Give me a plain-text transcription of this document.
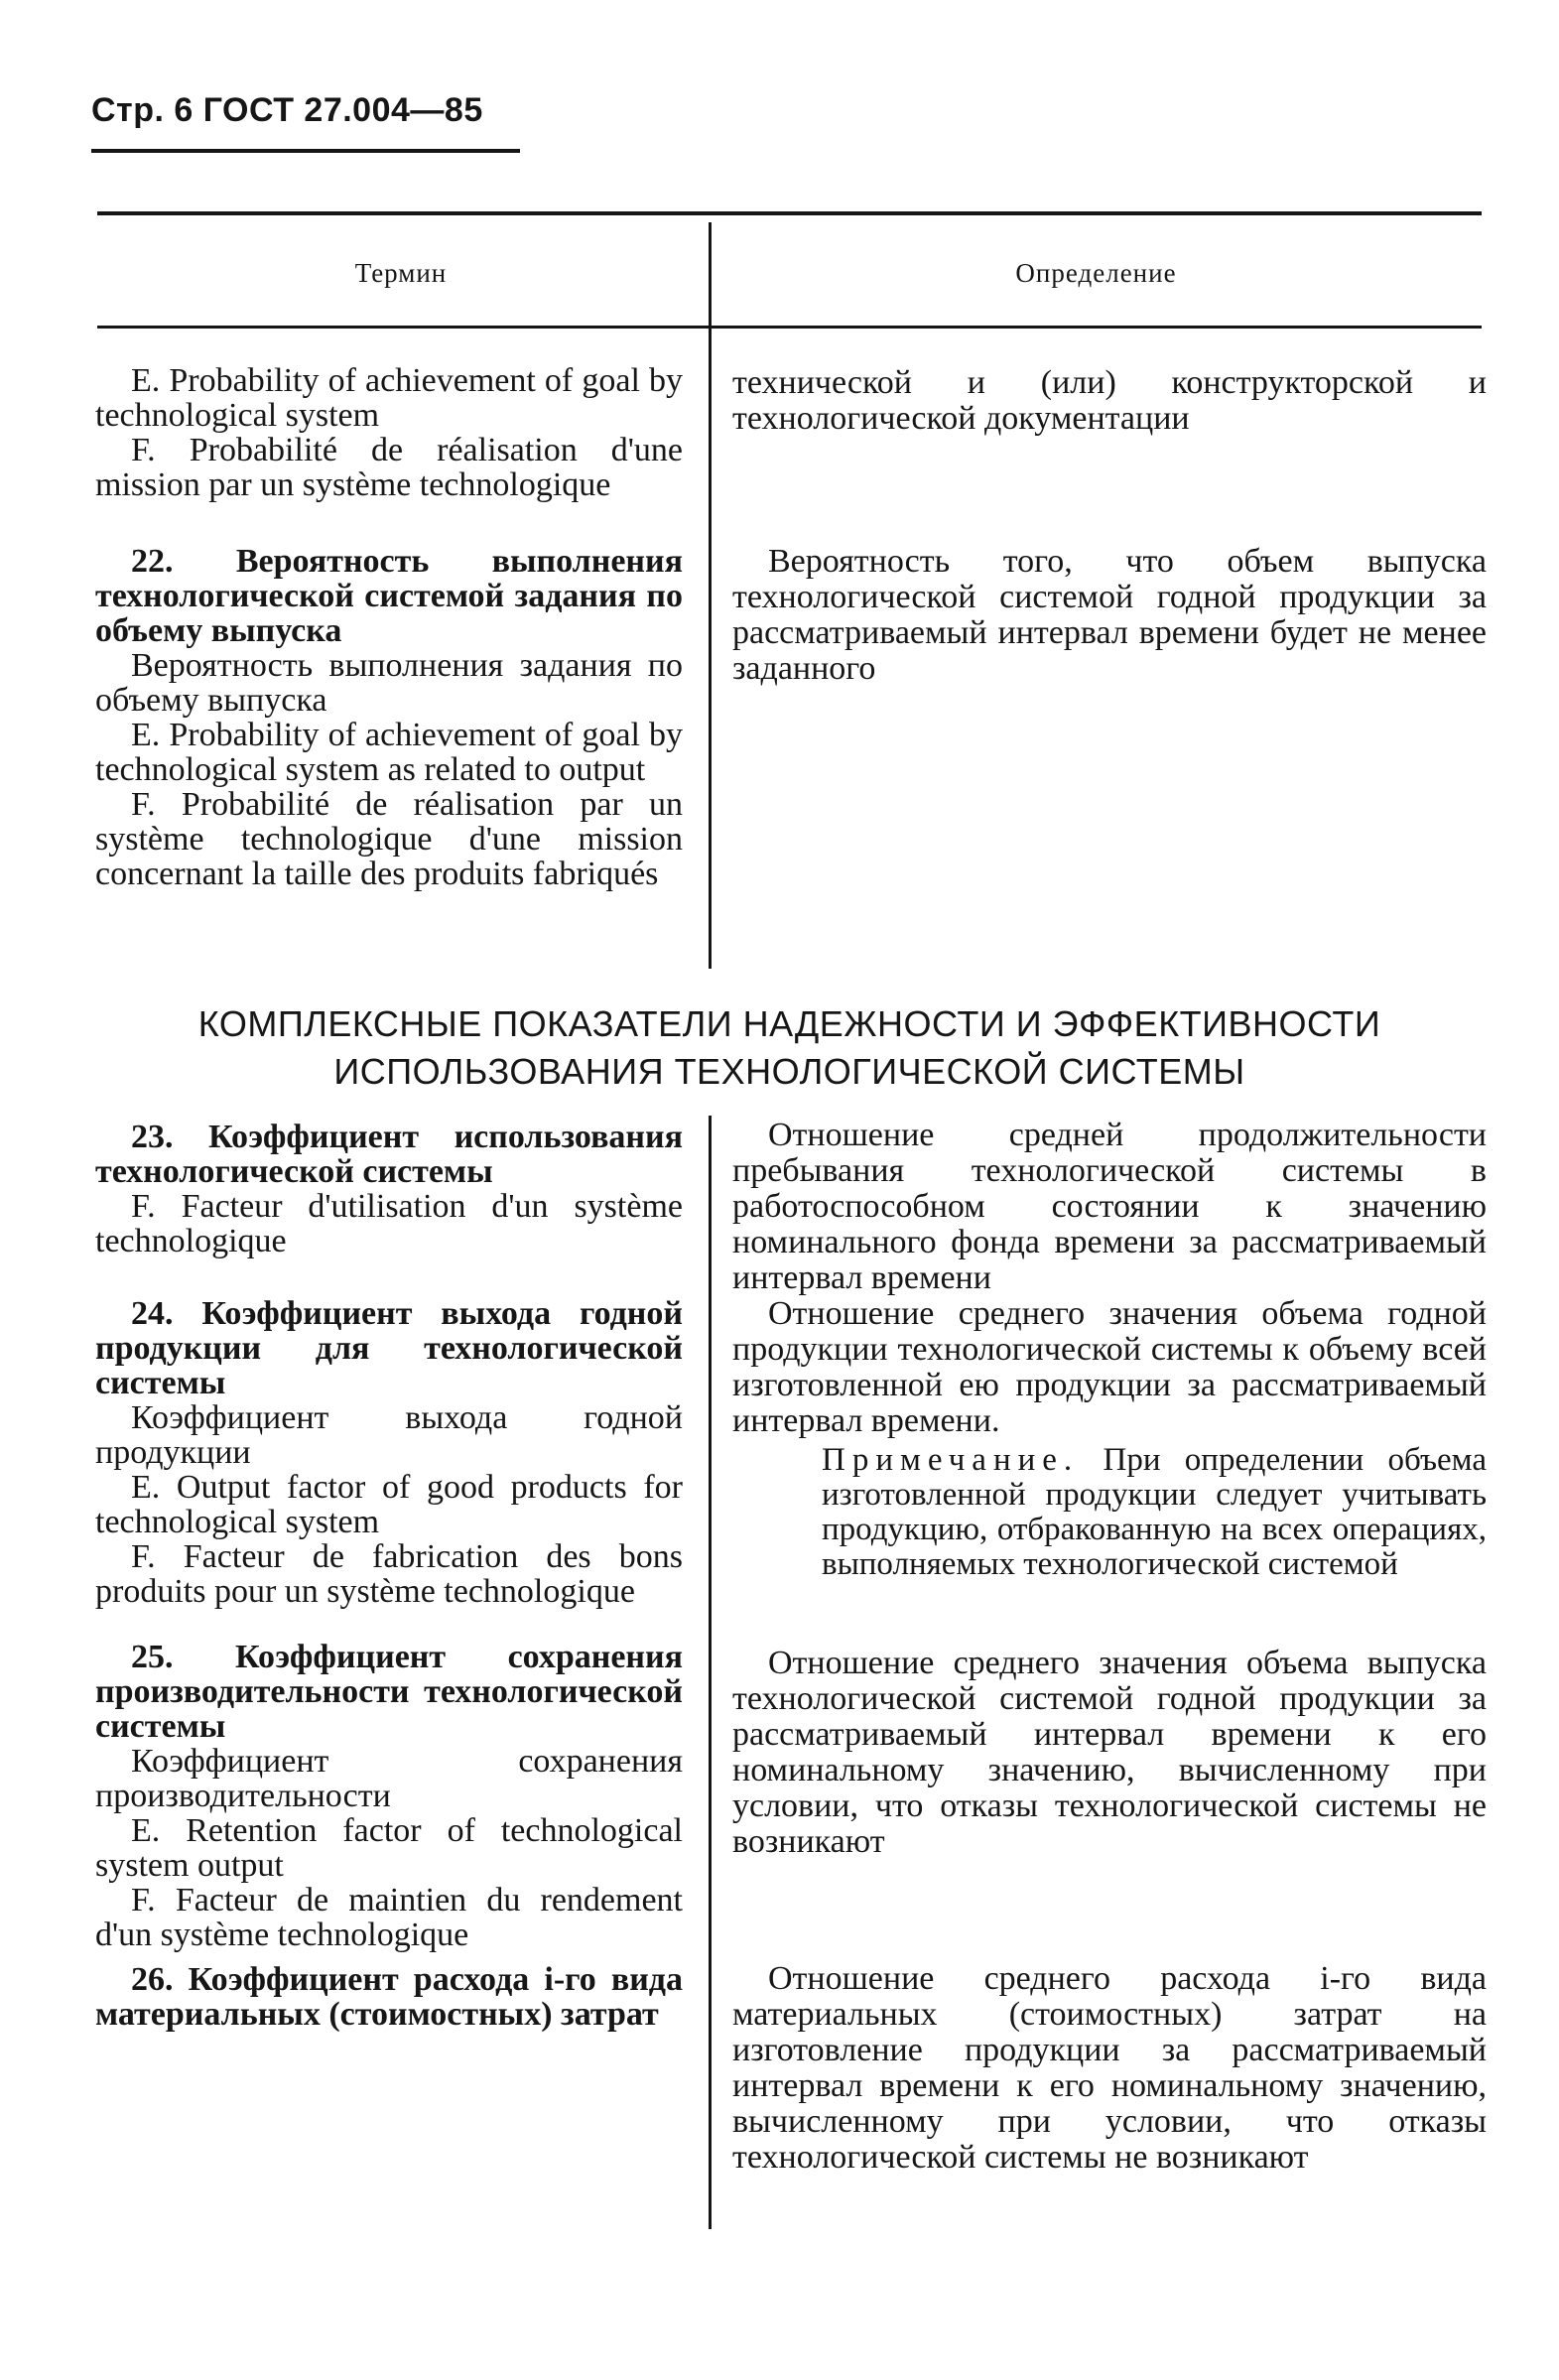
Стр. 6 ГОСТ 27.004—85
Термин	Определение

E. Probability of achievement of goal by technological system

F. Probabilité de réalisation d'une mission par un système technologique

технической и (или) конструкторской и технологической документации

22. Вероятность выполнения технологической системой задания по объему выпуска

Вероятность выполнения задания по объему выпуска

E. Probability of achievement of goal by technological system as related to output

F. Probabilité de réalisation par un système technologique d'une mission concernant la taille des produits fabriqués

Вероятность того, что объем выпуска технологической системой годной продукции за рассматриваемый интервал времени будет не менее заданного

КОМПЛЕКСНЫЕ ПОКАЗАТЕЛИ НАДЕЖНОСТИ И ЭФФЕКТИВНОСТИ
ИСПОЛЬЗОВАНИЯ ТЕХНОЛОГИЧЕСКОЙ СИСТЕМЫ

23. Коэффициент использования технологической системы

F. Facteur d'utilisation d'un système technologique

Отношение средней продолжительности пребывания технологической системы в работоспособном состоянии к значению номинального фонда времени за рассматриваемый интервал времени

24. Коэффициент выхода годной продукции для технологической системы

Коэффициент выхода годной продукции

E. Output factor of good products for technological system

F. Facteur de fabrication des bons produits pour un système technologique

Отношение среднего значения объема годной продукции технологической системы к объему всей изготовленной ею продукции за рассматриваемый интервал времени.

Примечание. При определении объема изготовленной продукции следует учитывать продукцию, отбракованную на всех операциях, выполняемых технологической системой

25. Коэффициент сохранения производительности технологической системы

Коэффициент сохранения производительности

E. Retention factor of technological system output

F. Facteur de maintien du rendement d'un système technologique

Отношение среднего значения объема выпуска технологической системой годной продукции за рассматриваемый интервал времени к его номинальному значению, вычисленному при условии, что отказы технологической системы не возникают

26. Коэффициент расхода i-го вида материальных (стоимостных) затрат

Отношение среднего расхода i-го вида материальных (стоимостных) затрат на изготовление продукции за рассматриваемый интервал времени к его номинальному значению, вычисленному при условии, что отказы технологической системы не возникают
